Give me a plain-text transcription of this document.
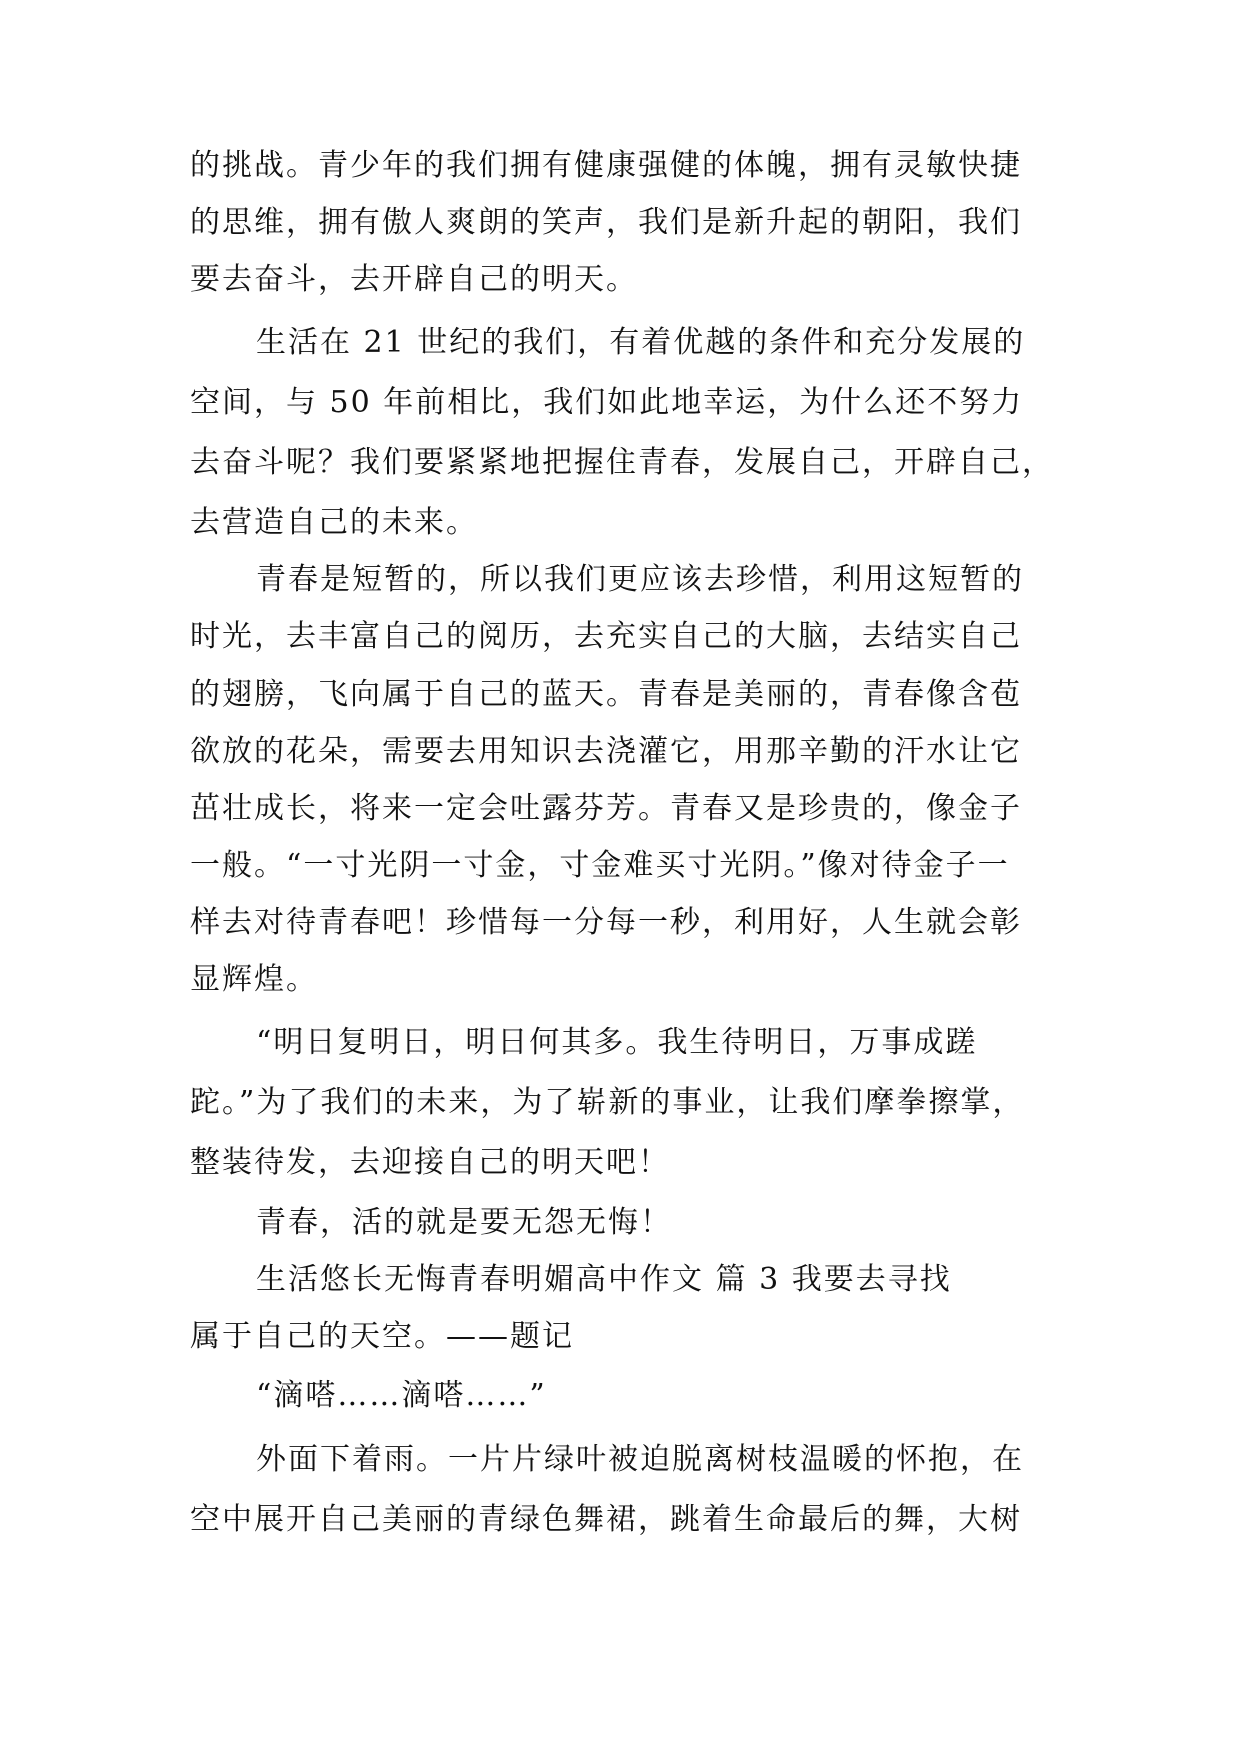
的挑战。青少年的我们拥有健康强健的体魄，拥有灵敏快捷
的思维，拥有傲人爽朗的笑声，我们是新升起的朝阳，我们
要去奋斗，去开辟自己的明天。
生活在 21 世纪的我们，有着优越的条件和充分发展的
空间，与 50 年前相比，我们如此地幸运，为什么还不努力
去奋斗呢？我们要紧紧地把握住青春，发展自己，开辟自己，
去营造自己的未来。
青春是短暂的，所以我们更应该去珍惜，利用这短暂的
时光，去丰富自己的阅历，去充实自己的大脑，去结实自己
的翅膀，飞向属于自己的蓝天。青春是美丽的，青春像含苞
欲放的花朵，需要去用知识去浇灌它，用那辛勤的汗水让它
茁壮成长，将来一定会吐露芬芳。青春又是珍贵的，像金子
一般。“一寸光阴一寸金，寸金难买寸光阴。”像对待金子一
样去对待青春吧！珍惜每一分每一秒，利用好，人生就会彰
显辉煌。
“明日复明日，明日何其多。我生待明日，万事成蹉
跎。”为了我们的未来，为了崭新的事业，让我们摩拳擦掌，
整装待发，去迎接自己的明天吧！
青春，活的就是要无怨无悔！
生活悠长无悔青春明媚高中作文 篇 3 我要去寻找
属于自己的天空。——题记
“滴嗒……滴嗒……”
外面下着雨。一片片绿叶被迫脱离树枝温暖的怀抱，在
空中展开自己美丽的青绿色舞裙，跳着生命最后的舞，大树
